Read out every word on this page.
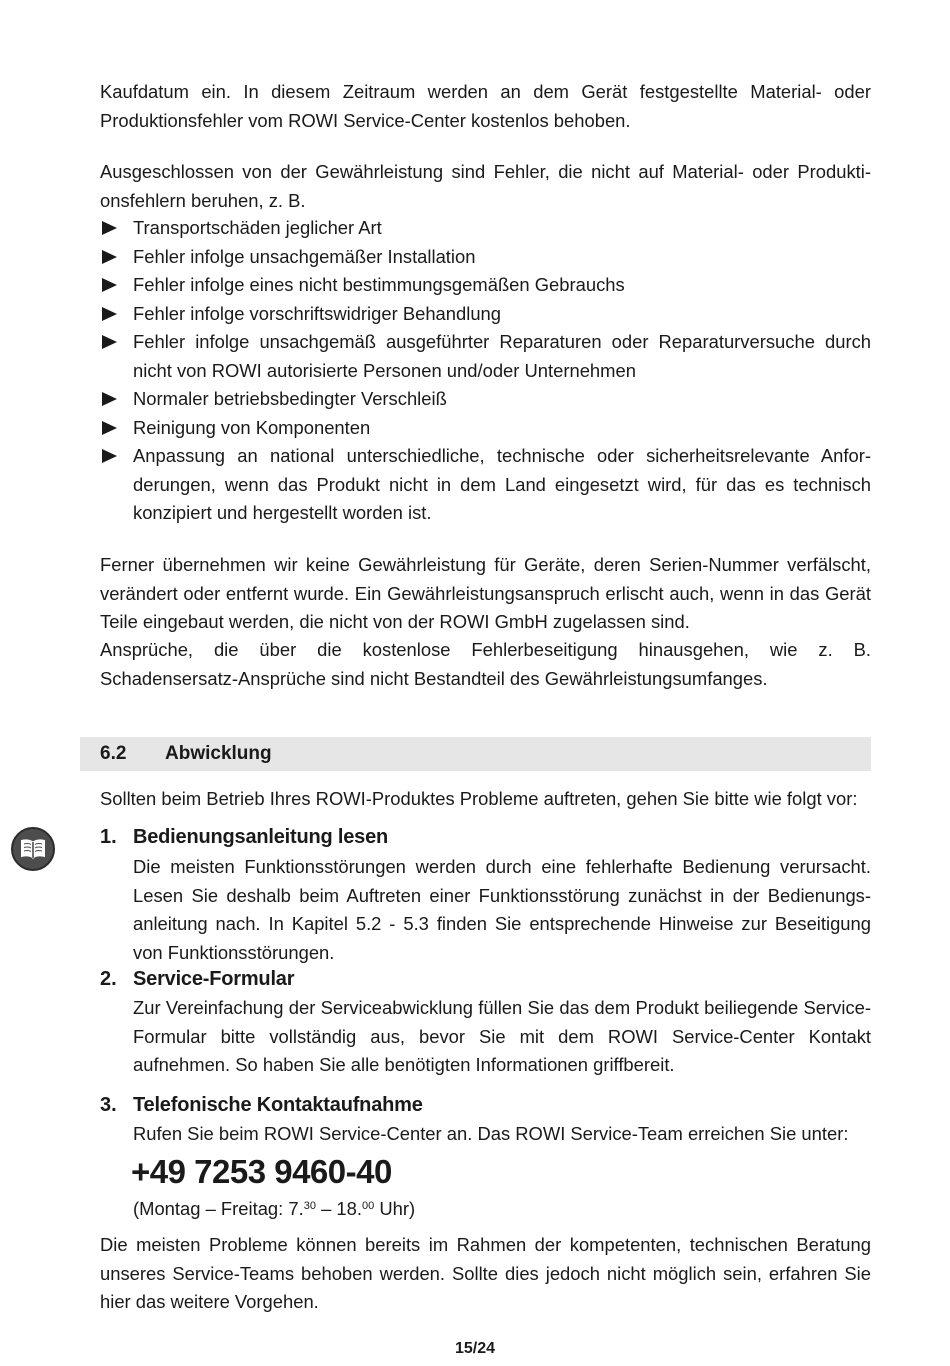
Kaufdatum ein. In diesem Zeitraum werden an dem Gerät festgestellte Material- oder Produktionsfehler vom ROWI Service-Center kostenlos behoben.

Ausgeschlossen von der Gewährleistung sind Fehler, die nicht auf Material- oder Produkti-onsfehlern beruhen, z. B.

Transportschäden jeglicher Art
Fehler infolge unsachgemäßer Installation
Fehler infolge eines nicht bestimmungsgemäßen Gebrauchs
Fehler infolge vorschriftswidriger Behandlung
Fehler infolge unsachgemäß ausgeführter Reparaturen oder Reparaturversuche durch nicht von ROWI autorisierte Personen und/oder Unternehmen
Normaler betriebsbedingter Verschleiß
Reinigung von Komponenten
Anpassung an national unterschiedliche, technische oder sicherheitsrelevante Anfor-derungen, wenn das Produkt nicht in dem Land eingesetzt wird, für das es technisch konzipiert und hergestellt worden ist.

Ferner übernehmen wir keine Gewährleistung für Geräte, deren Serien-Nummer verfälscht, verändert oder entfernt wurde. Ein Gewährleistungsanspruch erlischt auch, wenn in das Gerät Teile eingebaut werden, die nicht von der ROWI GmbH zugelassen sind.

Ansprüche, die über die kostenlose Fehlerbeseitigung hinausgehen, wie z. B. Schadensersatz-Ansprüche sind nicht Bestandteil des Gewährleistungsumfanges.

6.2 Abwicklung

Sollten beim Betrieb Ihres ROWI-Produktes Probleme auftreten, gehen Sie bitte wie folgt vor:

1. Bedienungsanleitung lesen

Die meisten Funktionsstörungen werden durch eine fehlerhafte Bedienung verursacht. Lesen Sie deshalb beim Auftreten einer Funktionsstörung zunächst in der Bedienungs-anleitung nach. In Kapitel 5.2 - 5.3 finden Sie entsprechende Hinweise zur Beseitigung von Funktionsstörungen.

2. Service-Formular

Zur Vereinfachung der Serviceabwicklung füllen Sie das dem Produkt beiliegende Service-Formular bitte vollständig aus, bevor Sie mit dem ROWI Service-Center Kontakt aufnehmen. So haben Sie alle benötigten Informationen griffbereit.

3. Telefonische Kontaktaufnahme

Rufen Sie beim ROWI Service-Center an. Das ROWI Service-Team erreichen Sie unter:

+49 7253 9460-40
(Montag – Freitag: 7.30 – 18.00 Uhr)

Die meisten Probleme können bereits im Rahmen der kompetenten, technischen Beratung unseres Service-Teams behoben werden. Sollte dies jedoch nicht möglich sein, erfahren Sie hier das weitere Vorgehen.

15/24
